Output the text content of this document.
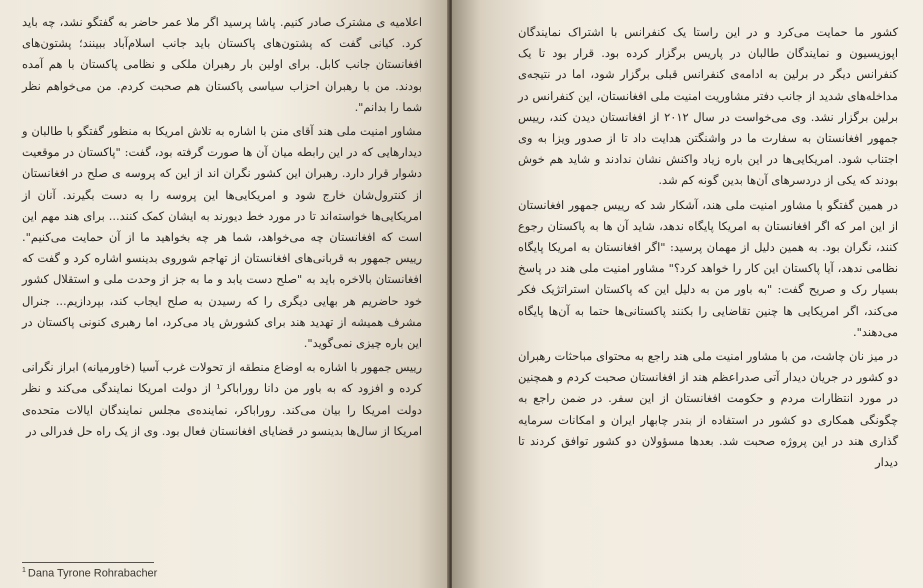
اعلامیه ی مشترک صادر کنیم. پاشا پرسید اگر ملا عمر حاضر به گفتگو نشد، چه باید کرد. کیانی گفت که پشتون‌های پاکستان باید جانب اسلام‌آباد ببینند؛ پشتون‌های افغانستان جانب کابل. برای اولین بار رهبران ملکی و نظامی پاکستان با هم آمده بودند. من با رهبران احزاب سیاسی پاکستان هم صحبت کردم. من می‌خواهم نظر شما را بدانم".

مشاور امنیت ملی هند آقای منن با اشاره به تلاش امریکا به منظور گفتگو با طالبان و دیدارهایی که در این رابطه میان آن ها صورت گرفته بود، گفت: "پاکستان در موقعیت دشوار قرار دارد. رهبران این کشور نگران اند از این که پروسه ی صلح در افغانستان از کنترول‌شان خارج شود و امریکایی‌ها این پروسه را به دست بگیرند. آنان از امریکایی‌ها خواسته‌اند تا در مورد خط دیورند به ایشان کمک کنند... برای هند مهم این است که افغانستان چه می‌خواهد، شما هر چه بخواهید ما از آن حمایت می‌کنیم". رییس جمهور به قربانی‌های افغانستان از تهاجم شوروی بدینسو اشاره کرد و گفت که افغانستان بالاخره باید به "صلح دست یابد و ما به جز از وحدت ملی و استقلال کشور خود حاضریم هر بهایی دیگری را که رسیدن به صلح ایجاب کند، بپردازیم... جنرال مشرف همیشه از تهدید هند برای کشورش یاد می‌کرد، اما رهبری کنونی پاکستان در این باره چیزی نمی‌گوید".

رییس جمهور با اشاره به اوضاع منطقه از تحولات غرب آسیا (خاورمیانه) ابراز نگرانی کرده و افزود که به باور من دانا روراباکر¹ از دولت امریکا نمایندگی می‌کند و نظر دولت امریکا را بیان می‌کند. روراباکر، نماینده‌ی مجلس نمایندگان ایالات متحده‌ی امریکا از سال‌ها بدینسو در قضایای افغانستان فعال بود. وی از یک راه حل فدرالی در

$^1$ Dana Tyrone Rohrabacher

کشور ما حمایت می‌کرد و در این راستا یک کنفرانس با اشتراک نمایندگان اپوزیسیون و نمایندگان طالبان در پاریس برگزار کرده بود. قرار بود تا یک کنفرانس دیگر در برلین به ادامه‌ی کنفرانس قبلی برگزار شود، اما در نتیجه‌ی مداخله‌های شدید از جانب دفتر مشاوریت امنیت ملی افغانستان، این کنفرانس در برلین برگزار نشد. وی می‌خواست در سال ۲۰۱۲ از افغانستان دیدن کند، رییس جمهور افغانستان به سفارت ما در واشنگتن هدایت داد تا از صدور ویزا به وی اجتناب شود. امریکایی‌ها در این باره زیاد واکنش نشان ندادند و شاید هم خوش بودند که یکی از دردسرهای آن‌ها بدین گونه کم شد.

در همین گفتگو با مشاور امنیت ملی هند، آشکار شد که رییس جمهور افغانستان از این امر که اگر افغانستان به امریکا پایگاه ندهد، شاید آن ها به پاکستان رجوع کنند، نگران بود. به همین دلیل از مهمان پرسید: "اگر افغانستان به امریکا پایگاه نظامی ندهد، آیا پاکستان این کار را خواهد کرد؟" مشاور امنیت ملی هند در پاسخ بسیار رک و صریح گفت: "به باور من به دلیل این که پاکستان استراتژیک فکر می‌کند، اگر امریکایی ها چنین تقاضایی را بکنند پاکستانی‌ها حتما به آن‌ها پایگاه می‌دهند".

در میز نان چاشت، من با مشاور امنیت ملی هند راجع به محتوای مباحثات رهبران دو کشور در جریان دیدار آتی صدراعظم هند از افغانستان صحبت کردم و همچنین در مورد انتظارات مردم و حکومت افغانستان از این سفر. در ضمن راجع به چگونگی همکاری دو کشور در استفاده از بندر چابهار ایران و امکانات سرمایه گذاری هند در این پروژه صحبت شد. بعدها مسؤولان دو کشور توافق کردند تا دیدار
